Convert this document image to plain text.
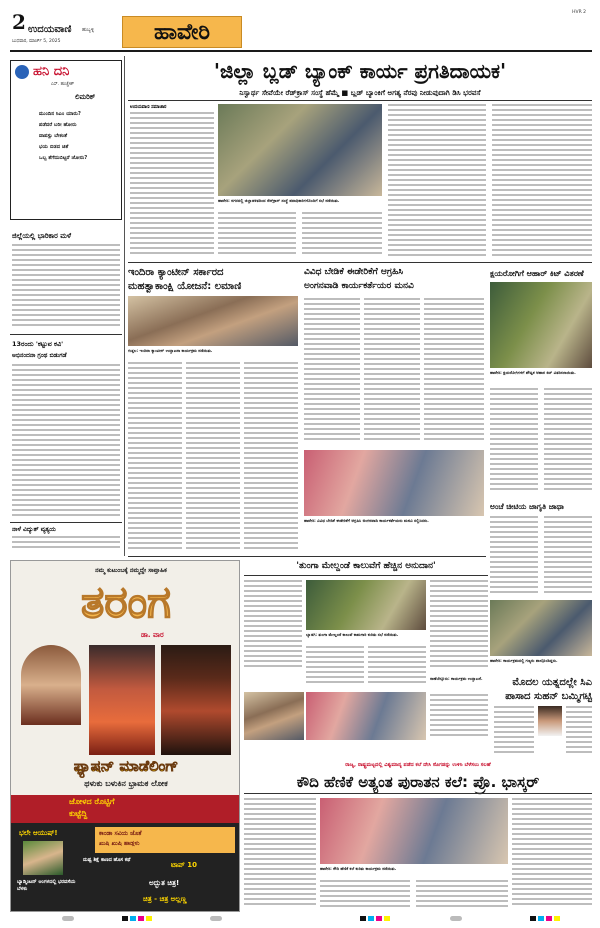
2 ಉದಯವಾಣಿ ಹುಬ್ಬಳ್ಳಿ
ಬುಧವಾರ, ಮಾರ್ಚ್ 5, 2025	ಹಾವೇರಿ
HVR 2
ಹನಿ ದನಿ
ಎಸ್. ಹುಚ್ಚೇಶ್
ಲಿಮರಿಕ್
ಮುಂದಿನ ಸಿಎಂ ಯಾರು?
ಪಡೆದರೆ ಬರೀ ಹೋರು
ವಾಪಸ್ಸು ಬೇಕಂತೆ
ಭಯ ಬಿಡದ ಚಿತೆ
ಒಬ್ಬ ತೆಗೆದುಬಿಟ್ಟರೆ ಜೋರು?
ಜಿಲ್ಲೆಯಲ್ಲಿ ಭಾರಿಕಾರ ಮಳೆ
13ರಂದು 'ಕಟ್ಟುವ ಕವಿ'
ಅಭಿನಂದನಾ ಗ್ರಂಥ ಬಿಡುಗಡೆ
ನಾಳೆ ವಿದ್ಯುತ್ ವ್ಯತ್ಯಯ
'ಜಿಲ್ಲಾ ಬ್ಲಡ್ ಬ್ಯಾಂಕ್ ಕಾರ್ಯ ಪ್ರಗತಿದಾಯಕ'
ನಿಸ್ವಾರ್ಥ ಸೇವೆಯೇ ರೆಡ್‌ಕ್ರಾಸ್ ಸಂಸ್ಥೆ ಹೆಮ್ಮೆ ■ ಬ್ಲಡ್ ಬ್ಯಾಂಕಿಗೆ ಅಗತ್ಯ ನೆರವು ನೀಡುವುದಾಗಿ ಡಿಸಿ ಭರವಸೆ
ಉದಯವಾಣಿ ಸಮಾಚಾರ
ಹಾವೇರಿ: ನಗರದಲ್ಲಿ ಜಿಲ್ಲಾಡಳಿತದಿಂದ ರೆಡ್‌ಕ್ರಾಸ್ ಸಂಸ್ಥೆ ಪದಾಧಿಕಾರಿಗಳೊಂದಿಗೆ ಸಭೆ ನಡೆಯಿತು.
ಇಂದಿರಾ ಕ್ಯಾಂಟೀನ್ ಸರ್ಕಾರದ
ಮಹತ್ವಾಕಾಂಕ್ಷಿ ಯೋಜನೆ: ಲಮಾಣಿ
ಗುತ್ತಲ: ಇಂದಿರಾ ಕ್ಯಾಂಟೀನ್ ಉದ್ಘಾಟನಾ ಕಾರ್ಯಕ್ರಮ ನಡೆಯಿತು.
ವಿವಿಧ ಬೇಡಿಕೆ ಈಡೇರಿಕೆಗೆ ಆಗ್ರಹಿಸಿ
ಅಂಗನವಾಡಿ ಕಾರ್ಯಕರ್ತೆಯರ ಮನವಿ
ಹಾವೇರಿ: ವಿವಿಧ ಬೇಡಿಕೆ ಈಡೇರಿಕೆಗೆ ಆಗ್ರಹಿಸಿ ಅಂಗನವಾಡಿ ಕಾರ್ಯಕರ್ತೆಯರು ಮನವಿ ಸಲ್ಲಿಸಿದರು.
ಕ್ಷಯರೋಗಿಗೆ ಆಹಾರ್ ಕಿಟ್ ವಿತರಣೆ
ಹಾವೇರಿ: ಕ್ಷಯರೋಗಿಗಳಿಗೆ ಪೌಷ್ಟಿಕ ಆಹಾರ ಕಿಟ್ ವಿತರಿಸಲಾಯಿತು.
ಅಂಚೆ ಚೀಟಿಯ ಜಾಗೃತಿ ಜಾಥಾ
ನಮ್ಮ ಕುಟುಂಬಕ್ಕೆ ನಮ್ಮದ್ದೇ ಸಾಪ್ತಾಹಿಕ
ತರಂಗ
ಡಾ. ವಾರ
ಫ್ಯಾಷನ್ ಮಾಡೆಲಿಂಗ್
ಥಳುಕು ಬಳುಕಿನ ಭ್ರಾಮಕ ಲೋಕ
ಜೋಳದ ರೊಟ್ಟಿಗೆ
ಕುಟ್ಟೆದ್ದಿ
ಭಲೇ ಆಯುಷ್!
ಬ್ಯಾಡ್ಮಿಂಟನ್ ಅಂಗಳದಲ್ಲಿ ಭರವಸೆಯ ಬೆಳಕು
ಕಾಂಡಾ ಸವಿಯ ಜೊತೆ
ಖುಷಿ ಖುಷಿ ಹಾಡ್ಗಳು
ದುಷ್ಟ ಶಿಕ್ಷೆ ಕಾಣದ ಹೊಸ ಕಥೆ
ಟಾಪ್ 10
ಅದ್ಭುತ ಚಿತ್ರ!
ಚಿತ್ರ - ಚಿತ್ರ ಅಲ್ಲಣ್ಣ
'ತುಂಗಾ ಮೇಲ್ದಂಡೆ ಕಾಲುವೆಗೆ ಹೆಚ್ಚಿನ ಅನುದಾನ'
ಬ್ಯಾಡಗಿ: ತುಂಗಾ ಮೇಲ್ದಂಡೆ ಕಾಲುವೆ ಕಾಮಗಾರಿ ಕುರಿತು ಸಭೆ ನಡೆಯಿತು.
ರಾಣೆಬೆನ್ನೂರು: ಕಾರ್ಯಕ್ರಮ ಉದ್ಘಾಟನೆ.
ಹಾವೇರಿ: ಕಾರ್ಯಕ್ರಮದಲ್ಲಿ ಗಣ್ಯರು ಪಾಲ್ಗೊಂಡಿದ್ದರು.
ಮೊದಲ ಯತ್ನದಲ್ಲೇ ಸಿಎ
ಪಾಸಾದ ಸುಹನ್ ಬಮ್ಮಿಗಟ್ಟಿ
ರಾಜ್ಯ, ರಾಷ್ಟ್ರಮಟ್ಟದಲ್ಲಿ ವಿಶ್ವಮಾನ್ಯ ಪಡೆದ ಕಲೆ ದೇಸಿ ಸೊಗಡನ್ನು ಉಳಿಸಿ ಬೆಳೆಸಲು ಸಲಹೆ
ಕೌದಿ ಹೆಣಿಕೆ ಅತ್ಯಂತ ಪುರಾತನ ಕಲೆ: ಪ್ರೊ. ಭಾಸ್ಕರ್
ಹಾವೇರಿ: ಕೌದಿ ಹೆಣಿಕೆ ಕಲೆ ಕುರಿತು ಕಾರ್ಯಕ್ರಮ ನಡೆಯಿತು.
